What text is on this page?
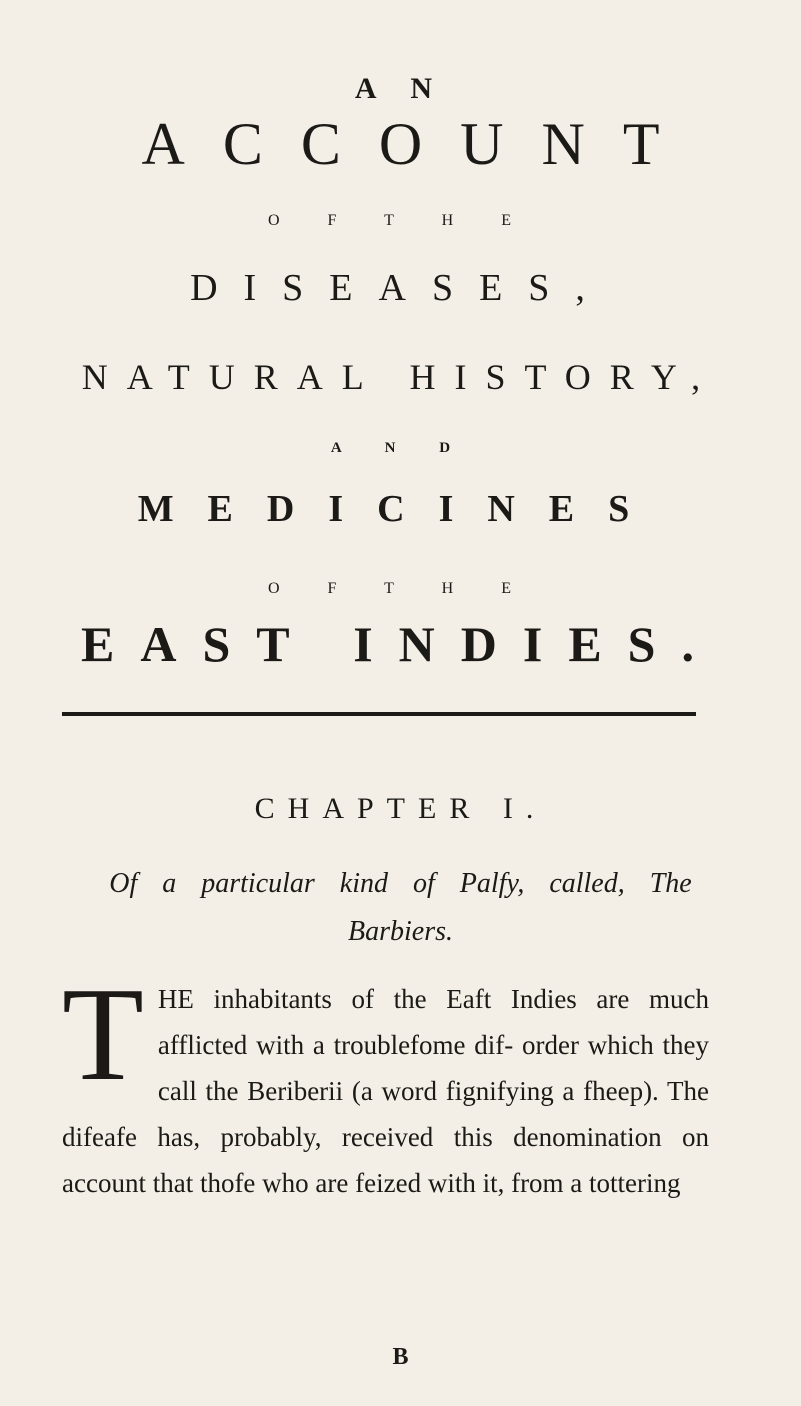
A N
ACCOUNT
O F T H E
DISEASES,
NATURAL HISTORY,
A N D
MEDICINES
O F T H E
EAST INDIES.
CHAPTER I.
Of a particular kind of Palfy, called, The
Barbiers.
THE inhabitants of the Eaft Indies are much afflicted with a troublefome dif- order which they call the Beriberii (a word fignifying a fheep). The difeafe has, probably, received this denomination on account that thofe who are feized with it, from a tottering
B
